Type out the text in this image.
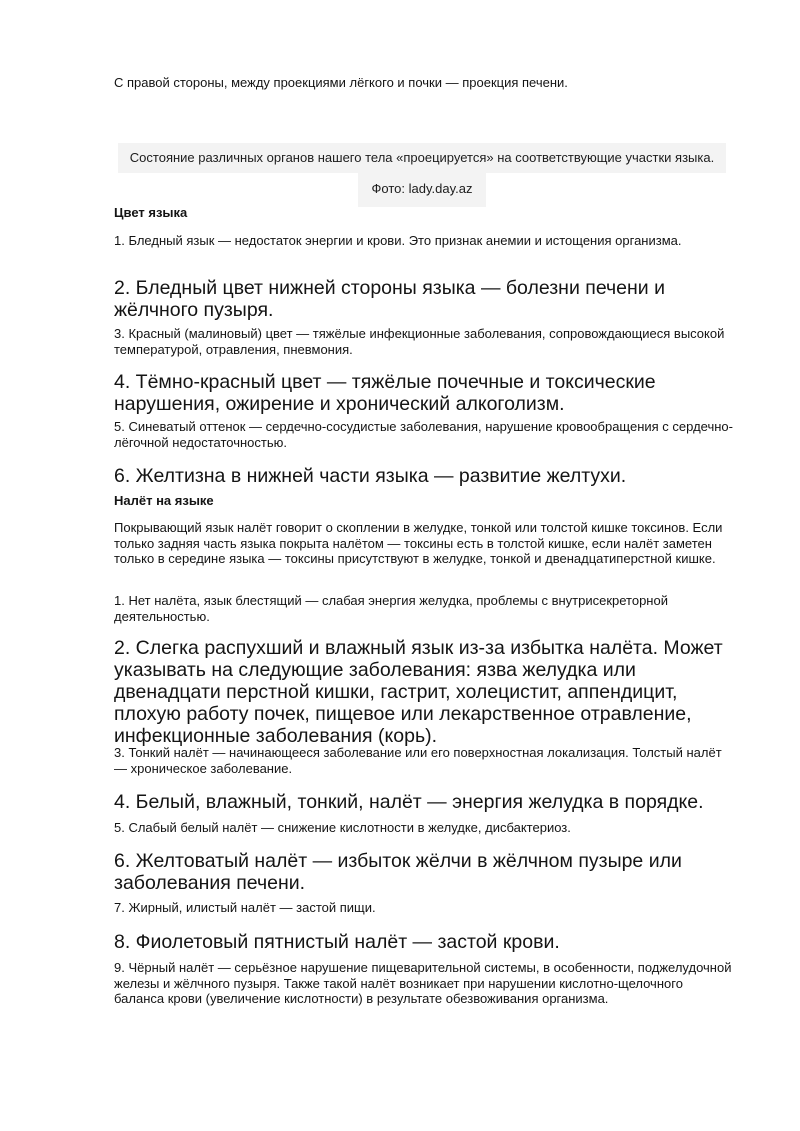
С правой стороны, между проекциями лёгкого и почки — проекция печени.

Состояние различных органов нашего тела «проецируется» на соответствующие участки языка.
Фото: lady.day.az

Цвет языка

1. Бледный язык — недостаток энергии и крови. Это признак анемии и истощения организма.

2. Бледный цвет нижней стороны языка — болезни печени и жёлчного пузыря.

3. Красный (малиновый) цвет — тяжёлые инфекционные заболевания, сопровождающиеся высокой температурой, отравления, пневмония.

4. Тёмно-красный цвет — тяжёлые почечные и токсические нарушения, ожирение и хронический алкоголизм.

5. Синеватый оттенок — сердечно-сосудистые заболевания, нарушение кровообращения с сердечно-лёгочной недостаточностью.

6. Желтизна в нижней части языка — развитие желтухи.

Налёт на языке

Покрывающий язык налёт говорит о скоплении в желудке, тонкой или толстой кишке токсинов. Если только задняя часть языка покрыта налётом — токсины есть в толстой кишке, если налёт заметен только в середине языка — токсины присутствуют в желудке, тонкой и двенадцатиперстной кишке.

1. Нет налёта, язык блестящий — слабая энергия желудка, проблемы с внутрисекреторной деятельностью.

2. Слегка распухший и влажный язык из-за избытка налёта. Может указывать на следующие заболевания: язва желудка или двенадцати перстной кишки, гастрит, холецистит, аппендицит, плохую работу почек, пищевое или лекарственное отравление, инфекционные заболевания (корь).

3. Тонкий налёт — начинающееся заболевание или его поверхностная локализация. Толстый налёт — хроническое заболевание.

4. Белый, влажный, тонкий, налёт — энергия желудка в порядке.

5. Слабый белый налёт — снижение кислотности в желудке, дисбактериоз.

6. Желтоватый налёт — избыток жёлчи в жёлчном пузыре или заболевания печени.

7. Жирный, илистый налёт — застой пищи.

8. Фиолетовый пятнистый налёт — застой крови.

9. Чёрный налёт — серьёзное нарушение пищеварительной системы, в особенности, поджелудочной железы и жёлчного пузыря. Также такой налёт возникает при нарушении кислотно-щелочного баланса крови (увеличение кислотности) в результате обезвоживания организма.
